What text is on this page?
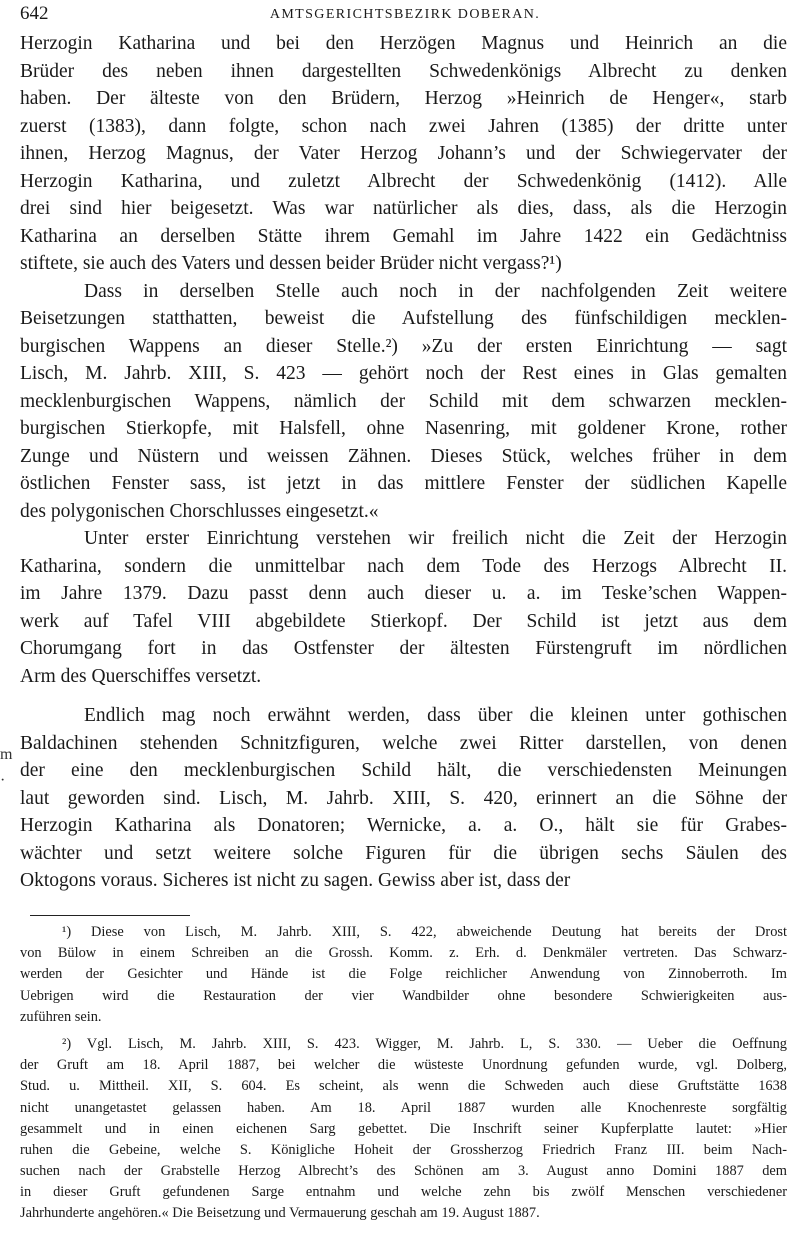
642	AMTSGERICHTSBEZIRK DOBERAN.
m
·
Herzogin Katharina und bei den Herzögen Magnus und Heinrich an die
Brüder des neben ihnen dargestellten Schwedenkönigs Albrecht zu denken
haben. Der älteste von den Brüdern, Herzog »Heinrich de Henger«, starb
zuerst (1383), dann folgte, schon nach zwei Jahren (1385) der dritte unter
ihnen, Herzog Magnus, der Vater Herzog Johann’s und der Schwiegervater der
Herzogin Katharina, und zuletzt Albrecht der Schwedenkönig (1412). Alle
drei sind hier beigesetzt. Was war natürlicher als dies, dass, als die Herzogin
Katharina an derselben Stätte ihrem Gemahl im Jahre 1422 ein Gedächtniss
stiftete, sie auch des Vaters und dessen beider Brüder nicht vergass?¹)
Dass in derselben Stelle auch noch in der nachfolgenden Zeit weitere
Beisetzungen statthatten, beweist die Aufstellung des fünfschildigen mecklen-
burgischen Wappens an dieser Stelle.²) »Zu der ersten Einrichtung — sagt
Lisch, M. Jahrb. XIII, S. 423 — gehört noch der Rest eines in Glas gemalten
mecklenburgischen Wappens, nämlich der Schild mit dem schwarzen mecklen-
burgischen Stierkopfe, mit Halsfell, ohne Nasenring, mit goldener Krone, rother
Zunge und Nüstern und weissen Zähnen. Dieses Stück, welches früher in dem
östlichen Fenster sass, ist jetzt in das mittlere Fenster der südlichen Kapelle
des polygonischen Chorschlusses eingesetzt.«
Unter erster Einrichtung verstehen wir freilich nicht die Zeit der Herzogin
Katharina, sondern die unmittelbar nach dem Tode des Herzogs Albrecht II.
im Jahre 1379. Dazu passt denn auch dieser u. a. im Teske’schen Wappen-
werk auf Tafel VIII abgebildete Stierkopf. Der Schild ist jetzt aus dem
Chorumgang fort in das Ostfenster der ältesten Fürstengruft im nördlichen
Arm des Querschiffes versetzt.
Endlich mag noch erwähnt werden, dass über die kleinen unter gothischen
Baldachinen stehenden Schnitzfiguren, welche zwei Ritter darstellen, von denen
der eine den mecklenburgischen Schild hält, die verschiedensten Meinungen
laut geworden sind. Lisch, M. Jahrb. XIII, S. 420, erinnert an die Söhne der
Herzogin Katharina als Donatoren; Wernicke, a. a. O., hält sie für Grabes-
wächter und setzt weitere solche Figuren für die übrigen sechs Säulen des
Oktogons voraus. Sicheres ist nicht zu sagen. Gewiss aber ist, dass der
¹) Diese von Lisch, M. Jahrb. XIII, S. 422, abweichende Deutung hat bereits der Drost
von Bülow in einem Schreiben an die Grossh. Komm. z. Erh. d. Denkmäler vertreten. Das Schwarz-
werden der Gesichter und Hände ist die Folge reichlicher Anwendung von Zinnoberroth. Im
Uebrigen wird die Restauration der vier Wandbilder ohne besondere Schwierigkeiten aus-
zuführen sein.
²) Vgl. Lisch, M. Jahrb. XIII, S. 423. Wigger, M. Jahrb. L, S. 330. — Ueber die Oeffnung
der Gruft am 18. April 1887, bei welcher die wüsteste Unordnung gefunden wurde, vgl. Dolberg,
Stud. u. Mittheil. XII, S. 604. Es scheint, als wenn die Schweden auch diese Gruftstätte 1638
nicht unangetastet gelassen haben. Am 18. April 1887 wurden alle Knochenreste sorgfältig
gesammelt und in einen eichenen Sarg gebettet. Die Inschrift seiner Kupferplatte lautet: »Hier
ruhen die Gebeine, welche S. Königliche Hoheit der Grossherzog Friedrich Franz III. beim Nach-
suchen nach der Grabstelle Herzog Albrecht’s des Schönen am 3. August anno Domini 1887 dem
in dieser Gruft gefundenen Sarge entnahm und welche zehn bis zwölf Menschen verschiedener
Jahrhunderte angehören.« Die Beisetzung und Vermauerung geschah am 19. August 1887.
